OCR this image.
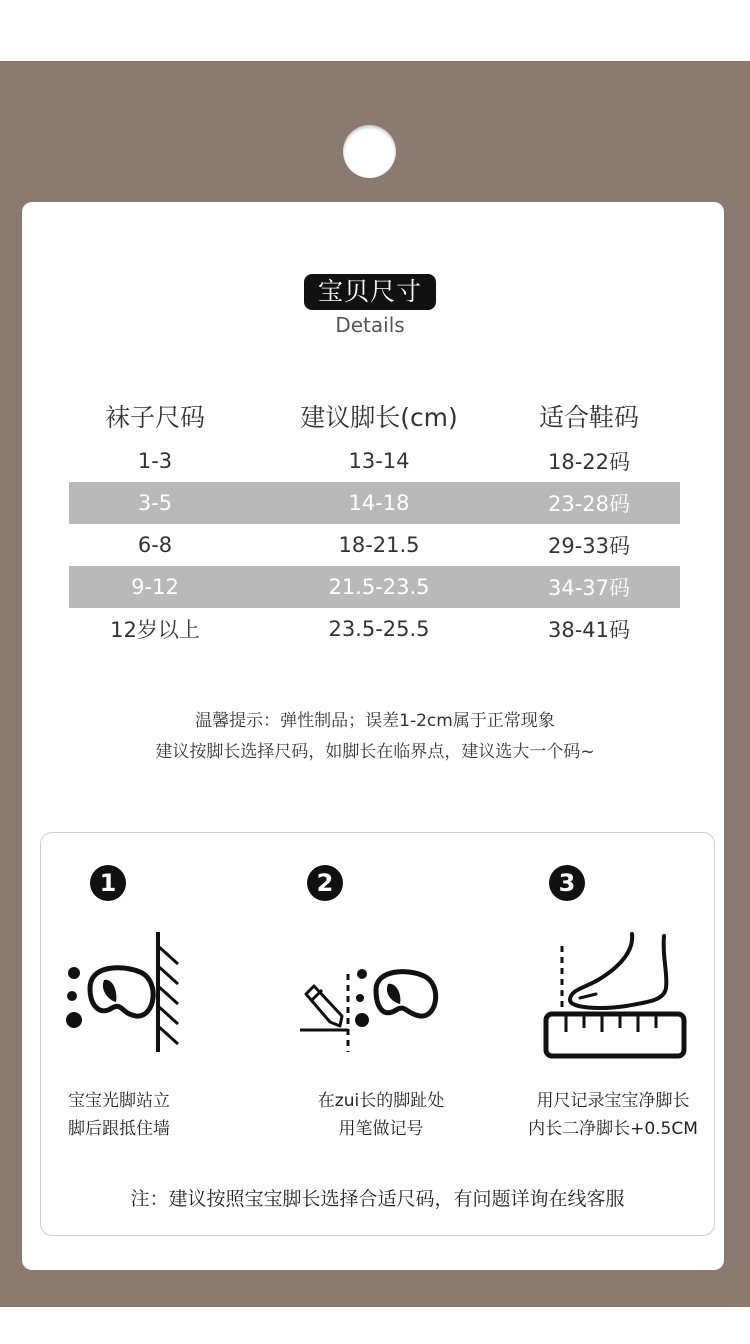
宝贝尺寸
Details
袜子尺码	建议脚长(cm)	适合鞋码
1-3	13-14	18-22码
3-5	14-18	23-28码
6-8	18-21.5	29-33码
9-12	21.5-23.5	34-37码
12岁以上	23.5-25.5	38-41码
温馨提示：弹性制品；误差1-2cm属于正常现象
建议按脚长选择尺码，如脚长在临界点，建议选大一个码~
1
宝宝光脚站立
脚后跟抵住墙
2
在zui长的脚趾处
用笔做记号
3
用尺记录宝宝净脚长
内长二净脚长+0.5CM
注：建议按照宝宝脚长选择合适尺码，有问题详询在线客服
